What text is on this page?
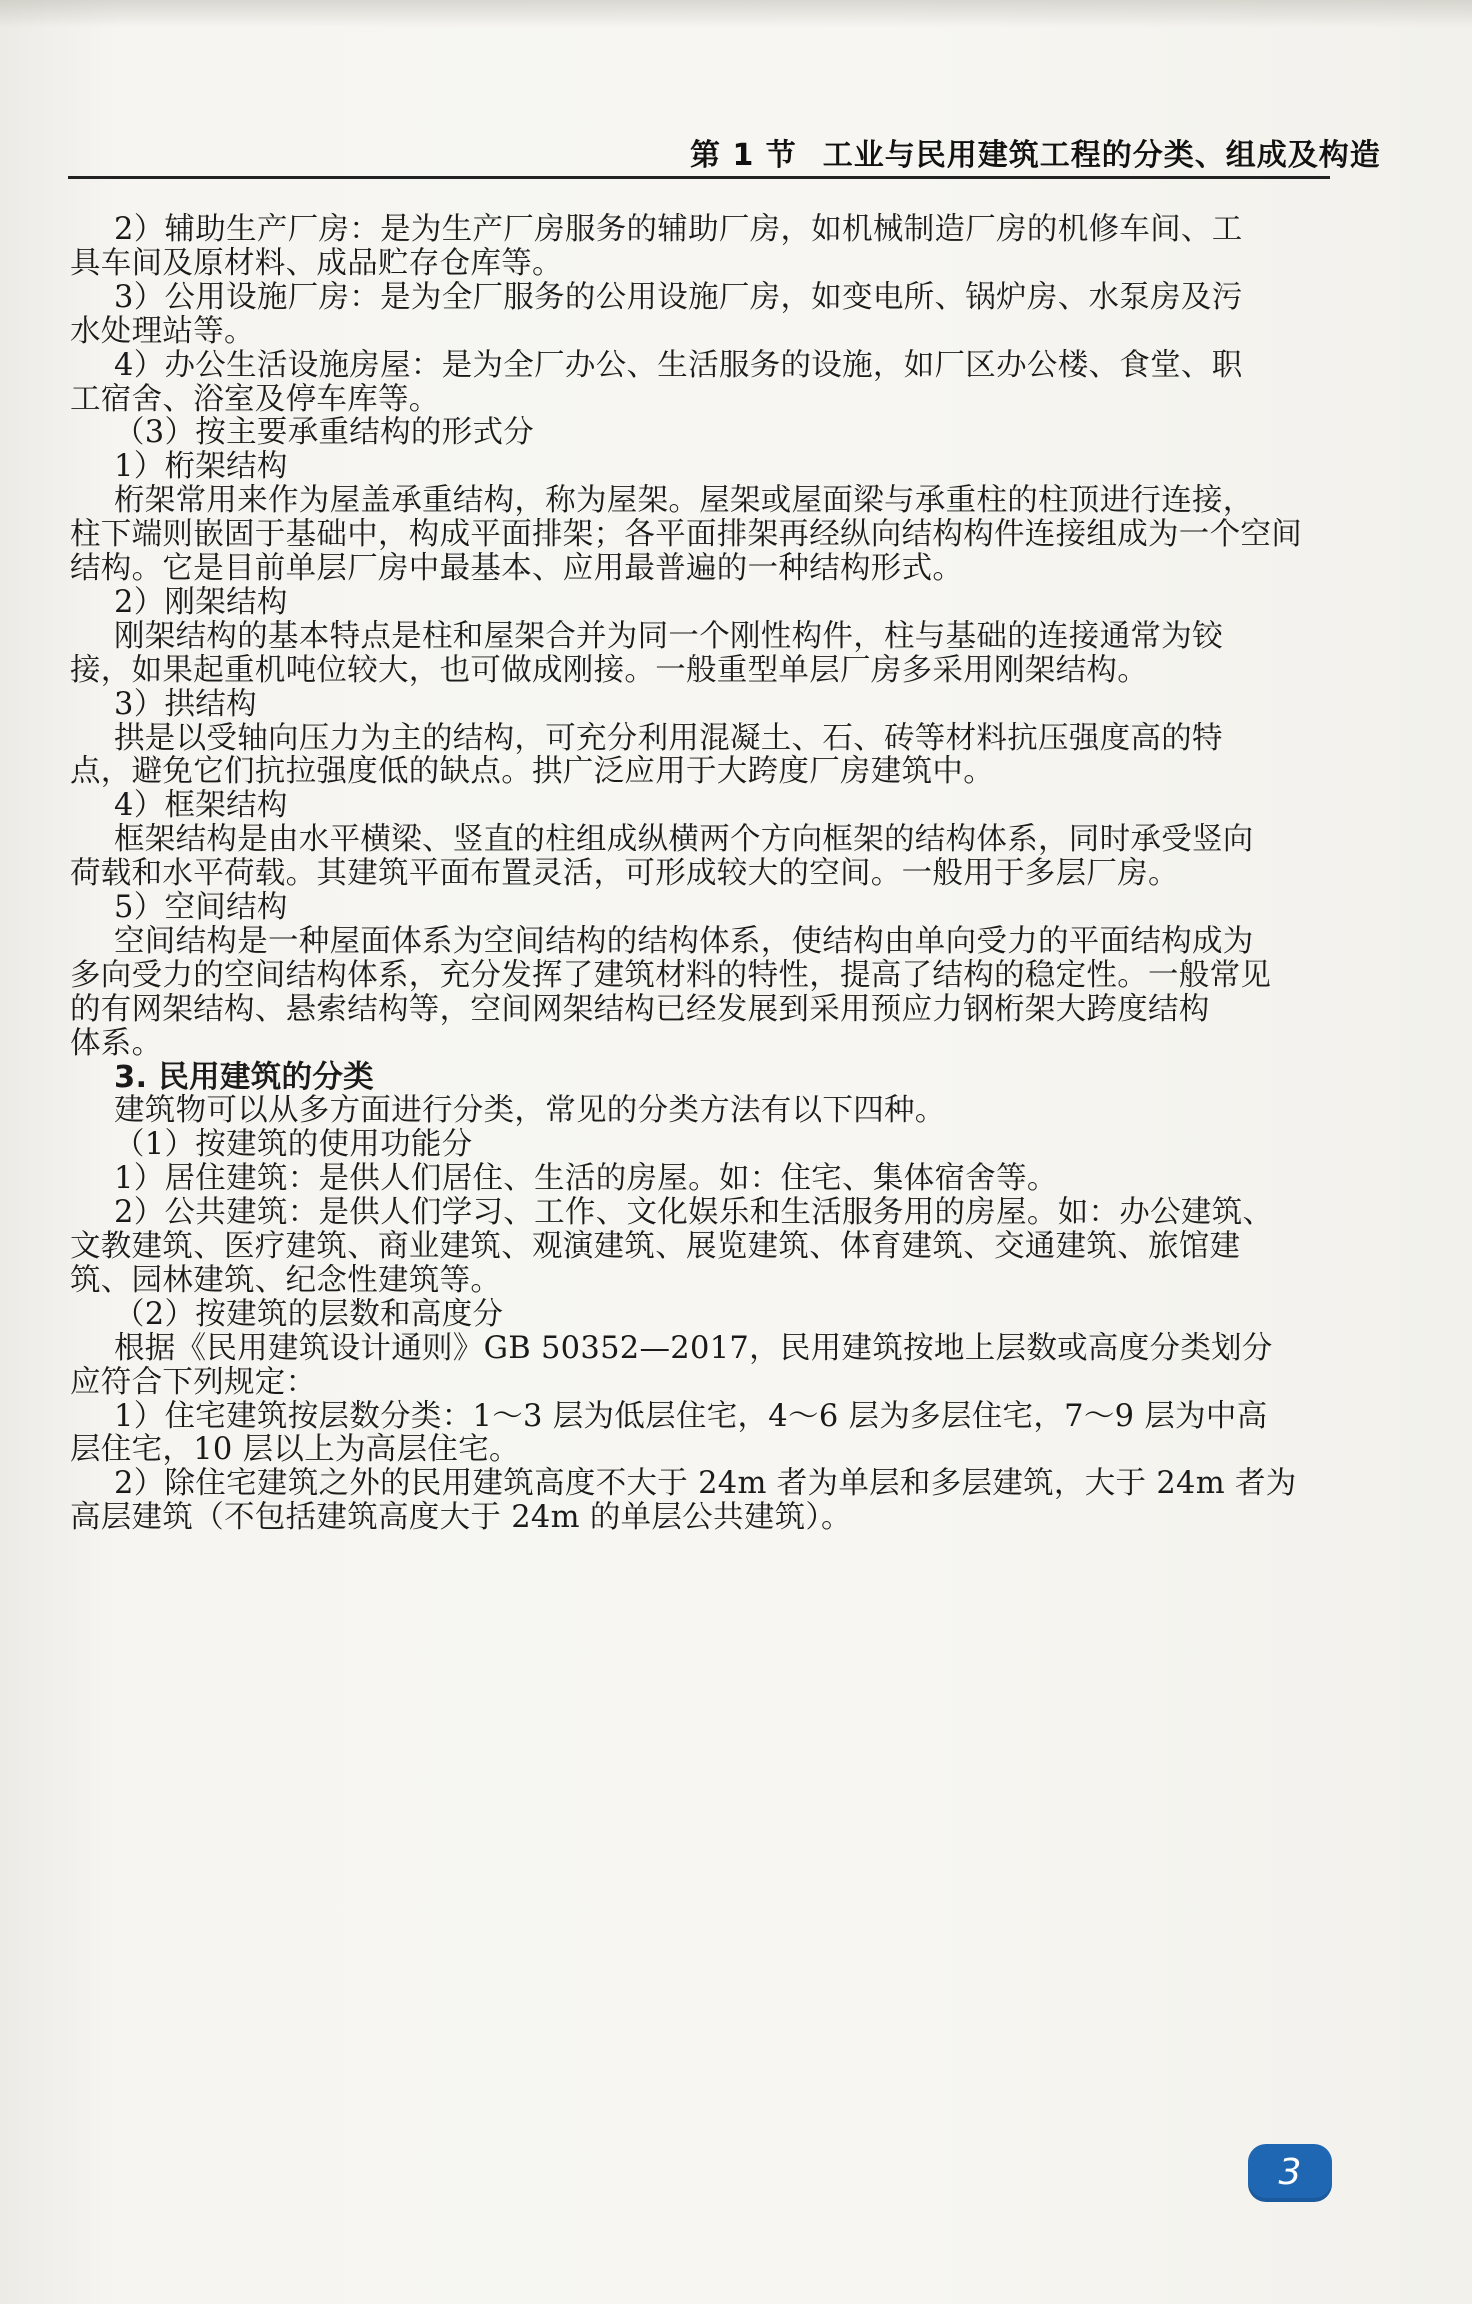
第 1 节 工业与民用建筑工程的分类、组成及构造
2）辅助生产厂房：是为生产厂房服务的辅助厂房，如机械制造厂房的机修车间、工
具车间及原材料、成品贮存仓库等。
3）公用设施厂房：是为全厂服务的公用设施厂房，如变电所、锅炉房、水泵房及污
水处理站等。
4）办公生活设施房屋：是为全厂办公、生活服务的设施，如厂区办公楼、食堂、职
工宿舍、浴室及停车库等。
（3）按主要承重结构的形式分
1）桁架结构
桁架常用来作为屋盖承重结构，称为屋架。屋架或屋面梁与承重柱的柱顶进行连接，
柱下端则嵌固于基础中，构成平面排架；各平面排架再经纵向结构构件连接组成为一个空间
结构。它是目前单层厂房中最基本、应用最普遍的一种结构形式。
2）刚架结构
刚架结构的基本特点是柱和屋架合并为同一个刚性构件，柱与基础的连接通常为铰
接，如果起重机吨位较大，也可做成刚接。一般重型单层厂房多采用刚架结构。
3）拱结构
拱是以受轴向压力为主的结构，可充分利用混凝土、石、砖等材料抗压强度高的特
点，避免它们抗拉强度低的缺点。拱广泛应用于大跨度厂房建筑中。
4）框架结构
框架结构是由水平横梁、竖直的柱组成纵横两个方向框架的结构体系，同时承受竖向
荷载和水平荷载。其建筑平面布置灵活，可形成较大的空间。一般用于多层厂房。
5）空间结构
空间结构是一种屋面体系为空间结构的结构体系，使结构由单向受力的平面结构成为
多向受力的空间结构体系，充分发挥了建筑材料的特性，提高了结构的稳定性。一般常见
的有网架结构、悬索结构等，空间网架结构已经发展到采用预应力钢桁架大跨度结构
体系。
3. 民用建筑的分类
建筑物可以从多方面进行分类，常见的分类方法有以下四种。
（1）按建筑的使用功能分
1）居住建筑：是供人们居住、生活的房屋。如：住宅、集体宿舍等。
2）公共建筑：是供人们学习、工作、文化娱乐和生活服务用的房屋。如：办公建筑、
文教建筑、医疗建筑、商业建筑、观演建筑、展览建筑、体育建筑、交通建筑、旅馆建
筑、园林建筑、纪念性建筑等。
（2）按建筑的层数和高度分
根据《民用建筑设计通则》GB 50352—2017，民用建筑按地上层数或高度分类划分
应符合下列规定：
1）住宅建筑按层数分类：1～3 层为低层住宅，4～6 层为多层住宅，7～9 层为中高
层住宅，10 层以上为高层住宅。
2）除住宅建筑之外的民用建筑高度不大于 24m 者为单层和多层建筑，大于 24m 者为
高层建筑（不包括建筑高度大于 24m 的单层公共建筑）。
3
